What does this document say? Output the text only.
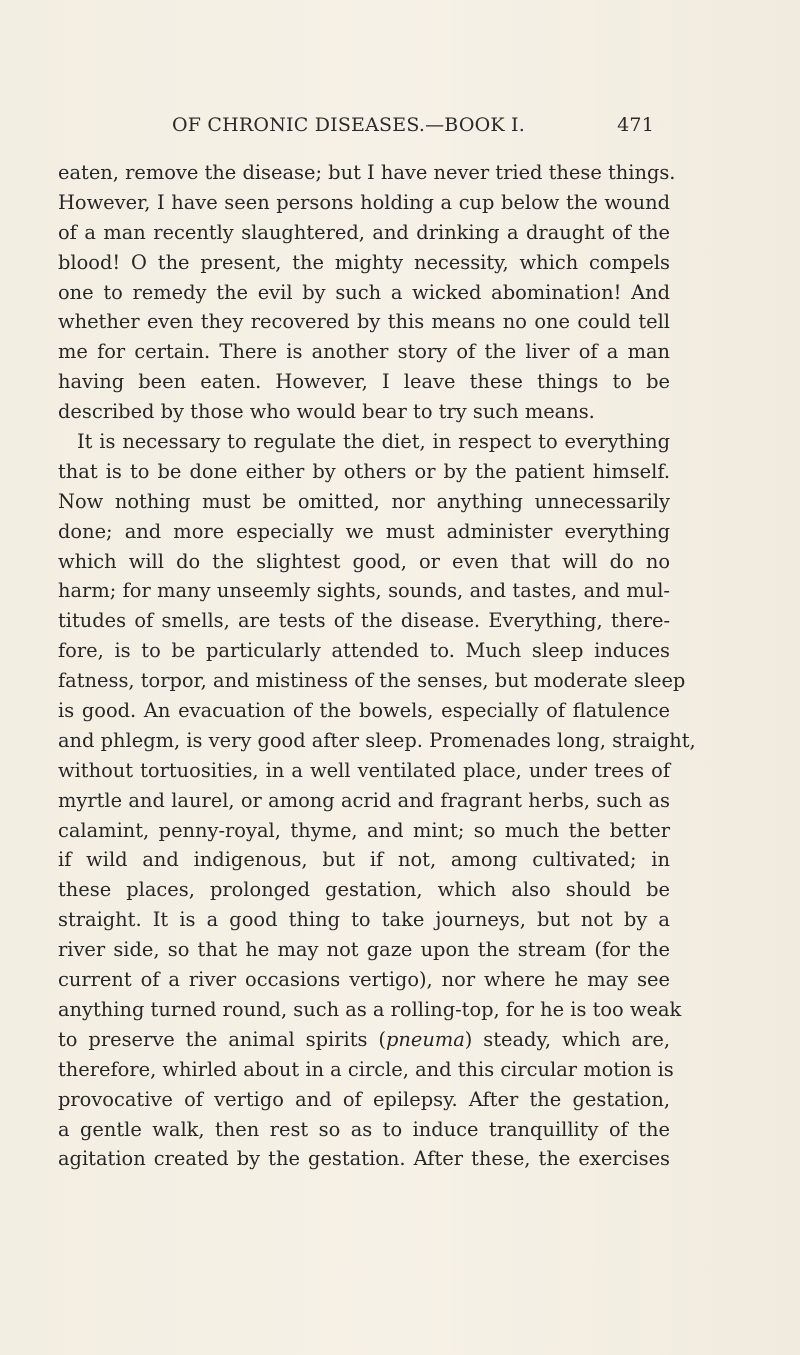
OF CHRONIC DISEASES.—BOOK I.	471
eaten, remove the disease; but I have never tried these things.
However, I have seen persons holding a cup below the wound
of a man recently slaughtered, and drinking a draught of the
blood! O the present, the mighty necessity, which compels
one to remedy the evil by such a wicked abomination! And
whether even they recovered by this means no one could tell
me for certain. There is another story of the liver of a man
having been eaten. However, I leave these things to be
described by those who would bear to try such means.
It is necessary to regulate the diet, in respect to everything
that is to be done either by others or by the patient himself.
Now nothing must be omitted, nor anything unnecessarily
done; and more especially we must administer everything
which will do the slightest good, or even that will do no
harm; for many unseemly sights, sounds, and tastes, and mul-
titudes of smells, are tests of the disease. Everything, there-
fore, is to be particularly attended to. Much sleep induces
fatness, torpor, and mistiness of the senses, but moderate sleep
is good. An evacuation of the bowels, especially of flatulence
and phlegm, is very good after sleep. Promenades long, straight,
without tortuosities, in a well ventilated place, under trees of
myrtle and laurel, or among acrid and fragrant herbs, such as
calamint, penny-royal, thyme, and mint; so much the better
if wild and indigenous, but if not, among cultivated; in
these places, prolonged gestation, which also should be
straight. It is a good thing to take journeys, but not by a
river side, so that he may not gaze upon the stream (for the
current of a river occasions vertigo), nor where he may see
anything turned round, such as a rolling-top, for he is too weak
to preserve the animal spirits (pneuma) steady, which are,
therefore, whirled about in a circle, and this circular motion is
provocative of vertigo and of epilepsy. After the gestation,
a gentle walk, then rest so as to induce tranquillity of the
agitation created by the gestation. After these, the exercises
